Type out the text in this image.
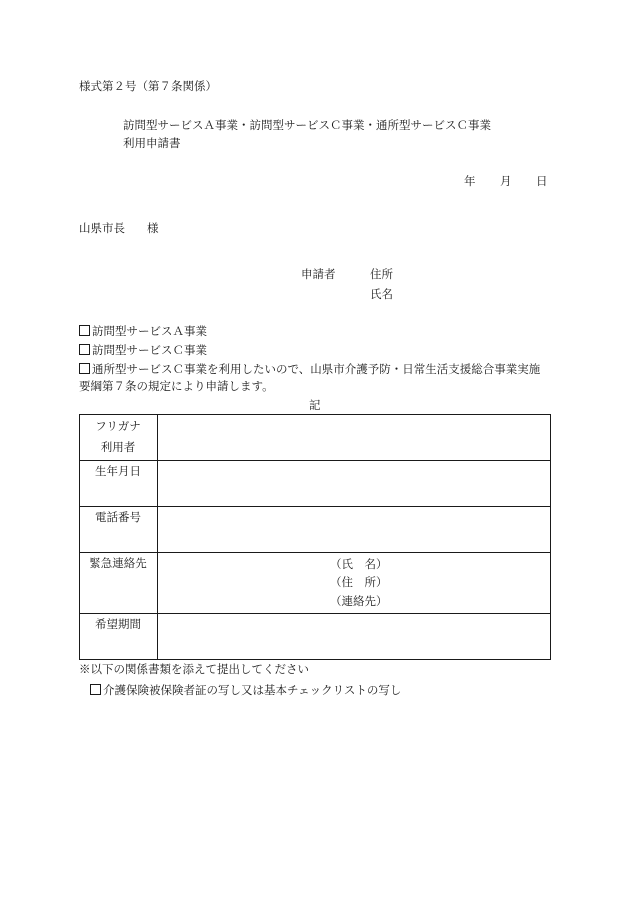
様式第２号（第７条関係）
訪問型サービスＡ事業・訪問型サービスＣ事業・通所型サービスＣ事業
利用申請書
年 月 日
山県市長 様
申請者	住所
氏名
訪問型サービスＡ事業
訪問型サービスＣ事業
通所型サービスＣ事業を利用したいので、山県市介護予防・日常生活支援総合事業実施
要綱第７条の規定により申請します。
記
フリガナ
利用者
生年月日
電話番号
緊急連絡先
希望期間
（氏　名）
（住　所）
（連絡先）
※以下の関係書類を添えて提出してください
介護保険被保険者証の写し又は基本チェックリストの写し
